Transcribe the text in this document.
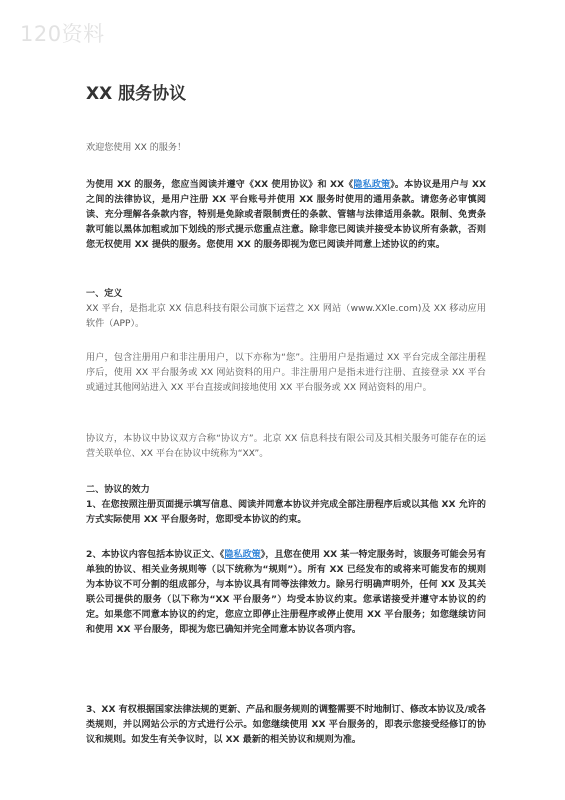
120资料
XX 服务协议

欢迎您使用 XX 的服务！

为使用 XX 的服务，您应当阅读并遵守《XX 使用协议》和 XX《隐私政策》。本协议是用户与 XX 之间的法律协议，是用户注册 XX 平台账号并使用 XX 服务时使用的通用条款。请您务必审慎阅读、充分理解各条款内容，特别是免除或者限制责任的条款、管辖与法律适用条款。限制、免责条款可能以黑体加粗或加下划线的形式提示您重点注意。除非您已阅读并接受本协议所有条款，否则您无权使用 XX 提供的服务。您使用 XX 的服务即视为您已阅读并同意上述协议的约束。

一、定义

XX 平台，是指北京 XX 信息科技有限公司旗下运营之 XX 网站（www.XXle.com)及 XX 移动应用软件（APP）。

用户，包含注册用户和非注册用户，以下亦称为“您”。注册用户是指通过 XX 平台完成全部注册程序后，使用 XX 平台服务或 XX 网站资料的用户。非注册用户是指未进行注册、直接登录 XX 平台或通过其他网站进入 XX 平台直接或间接地使用 XX 平台服务或 XX 网站资料的用户。

协议方，本协议中协议双方合称“协议方”。北京 XX 信息科技有限公司及其相关服务可能存在的运营关联单位、XX 平台在协议中统称为“XX”。

二、协议的效力

1、在您按照注册页面提示填写信息、阅读并同意本协议并完成全部注册程序后或以其他 XX 允许的方式实际使用 XX 平台服务时，您即受本协议的约束。

2、本协议内容包括本协议正文、《隐私政策》，且您在使用 XX 某一特定服务时，该服务可能会另有单独的协议、相关业务规则等（以下统称为“规则”）。所有 XX 已经发布的或将来可能发布的规则为本协议不可分割的组成部分，与本协议具有同等法律效力。除另行明确声明外，任何 XX 及其关联公司提供的服务（以下称为“XX 平台服务”）均受本协议约束。您承诺接受并遵守本协议的约定。如果您不同意本协议的约定，您应立即停止注册程序或停止使用 XX 平台服务；如您继续访问和使用 XX 平台服务，即视为您已确知并完全同意本协议各项内容。

3、XX 有权根据国家法律法规的更新、产品和服务规则的调整需要不时地制订、修改本协议及/或各类规则，并以网站公示的方式进行公示。如您继续使用 XX 平台服务的，即表示您接受经修订的协议和规则。如发生有关争议时，以 XX 最新的相关协议和规则为准。
